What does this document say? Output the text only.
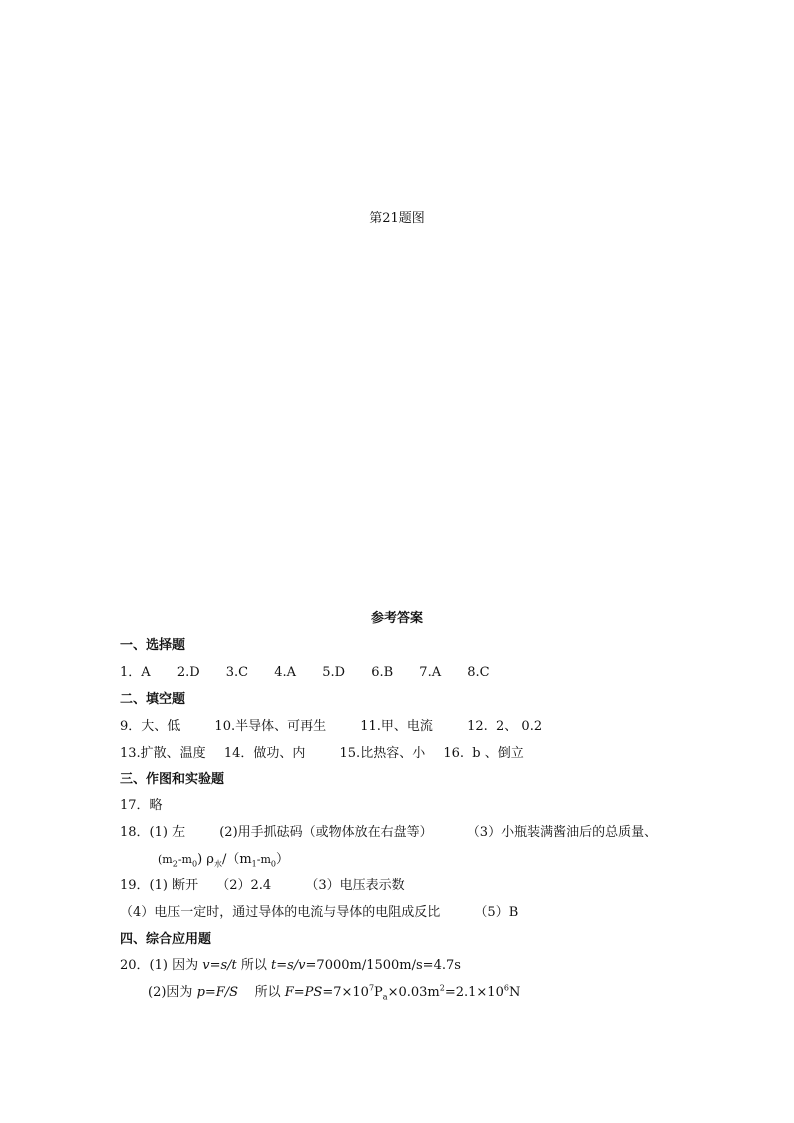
第21题图
参考答案
一、选择题
1．A 2.D 3.C 4.A 5.D 6.B 7.A 8.C
二、填空题
9．大、低	10.半导体、可再生	11.甲、电流	12.  2、 0.2
13.扩散、温度 14．做功、内	15.比热容、小 16.  b 、倒立
三、作图和实验题
17．略
18．(1) 左	(2)用手抓砝码（或物体放在右盘等）	（3）小瓶装满酱油后的总质量、
$(m_2-m_0)$ $\rho_水/(m_1-m_0)$
19．(1) 断开 （2）2.4	（3）电压表示数
（4）电压一定时，通过导体的电流与导体的电阻成反比	（5）B
四、综合应用题
20．(1) 因为 v=s/t 所以 t=s/v=7000m/1500m/s=4.7s
(2)因为 p=F/S    所以 $F=PS=7\times 10^7P_a\times 0.03m^2=2.1\times 10^6N$
